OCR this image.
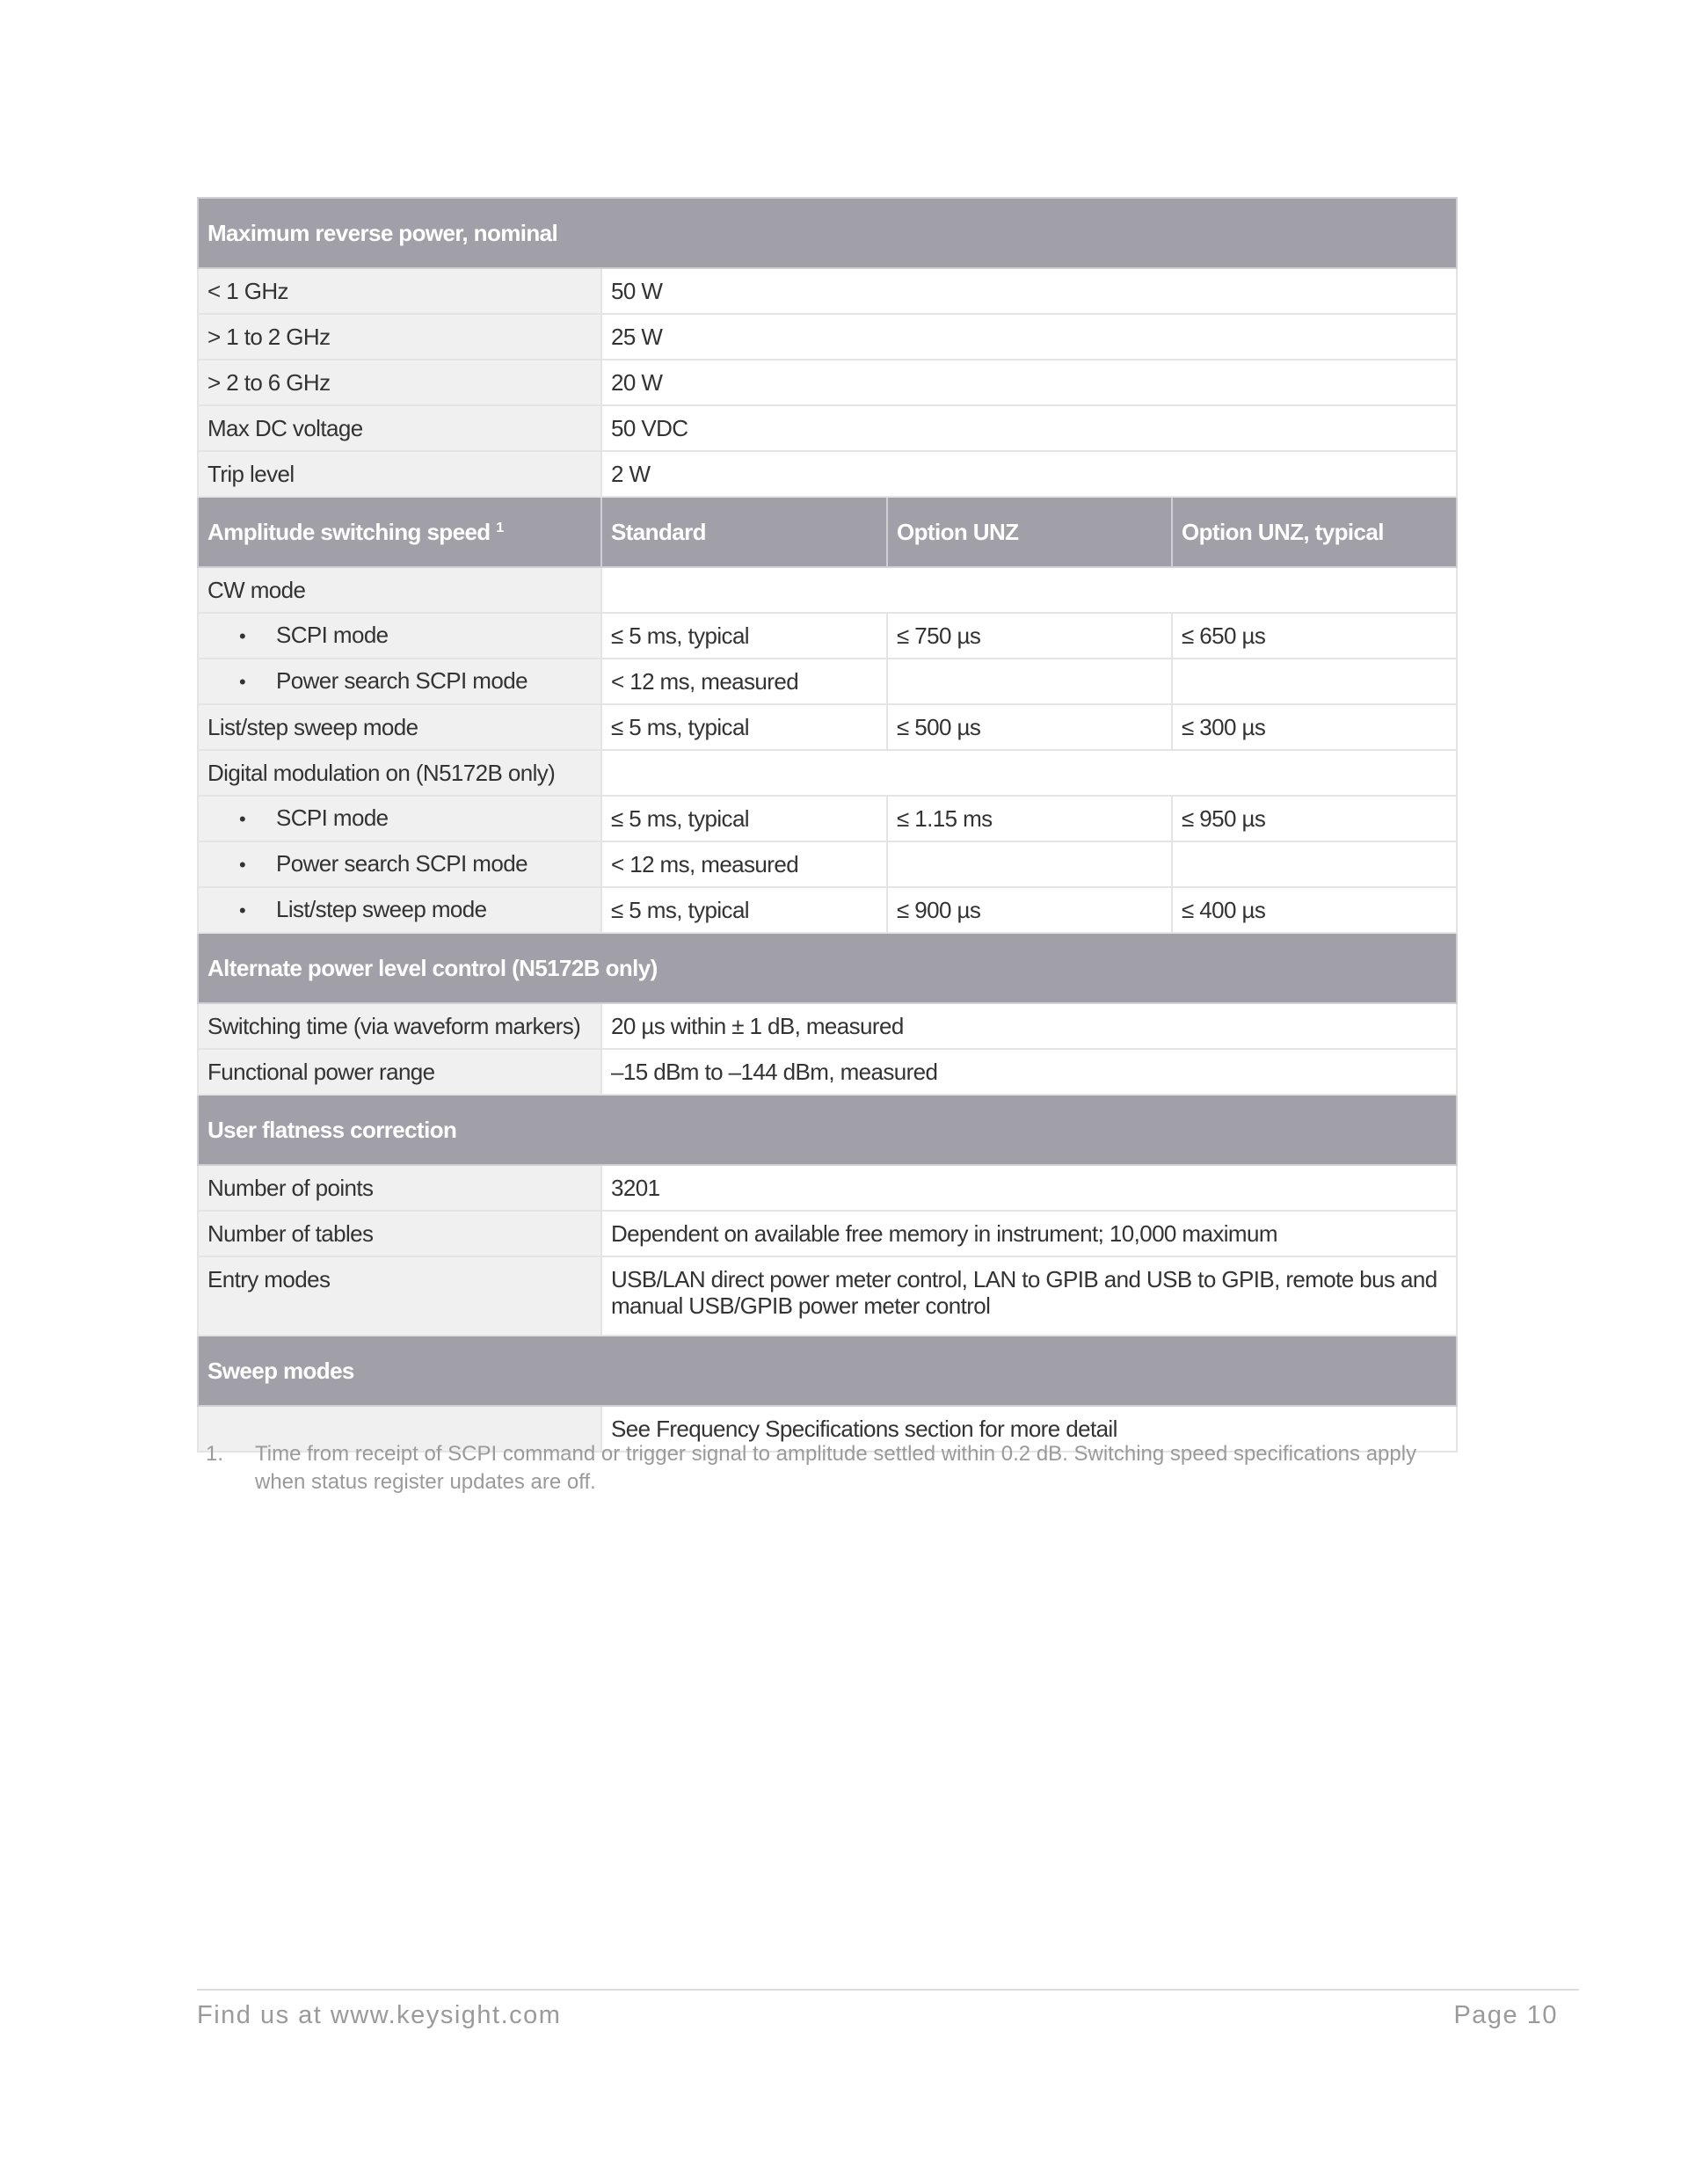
Maximum reverse power, nominal			
< 1 GHz	50 W		
> 1 to 2 GHz	25 W		
> 2 to 6 GHz	20 W		
Max DC voltage	50 VDC		
Trip level	2 W		
Amplitude switching speed $^1$	Standard	Option UNZ	Option UNZ, typical
CW mode			
• SCPI mode	≤ 5 ms, typical	≤ 750 µs	≤ 650 µs
• Power search SCPI mode	< 12 ms, measured		
List/step sweep mode	≤ 5 ms, typical	≤ 500 µs	≤ 300 µs
Digital modulation on (N5172B only)			
• SCPI mode	≤ 5 ms, typical	≤ 1.15 ms	≤ 950 µs
• Power search SCPI mode	< 12 ms, measured		
• List/step sweep mode	≤ 5 ms, typical	≤ 900 µs	≤ 400 µs
Alternate power level control (N5172B only)			
Switching time (via waveform markers)	20 µs within ± 1 dB, measured		
Functional power range	–15 dBm to –144 dBm, measured		
User flatness correction			
Number of points	3201		
Number of tables	Dependent on available free memory in instrument; 10,000 maximum		
Entry modes	USB/LAN direct power meter control, LAN to GPIB and USB to GPIB, remote bus and manual USB/GPIB power meter control		
Sweep modes			
	See Frequency Specifications section for more detail		
1. Time from receipt of SCPI command or trigger signal to amplitude settled within 0.2 dB. Switching speed specifications apply when status register updates are off.
Find us at www.keysight.com	Page 10
